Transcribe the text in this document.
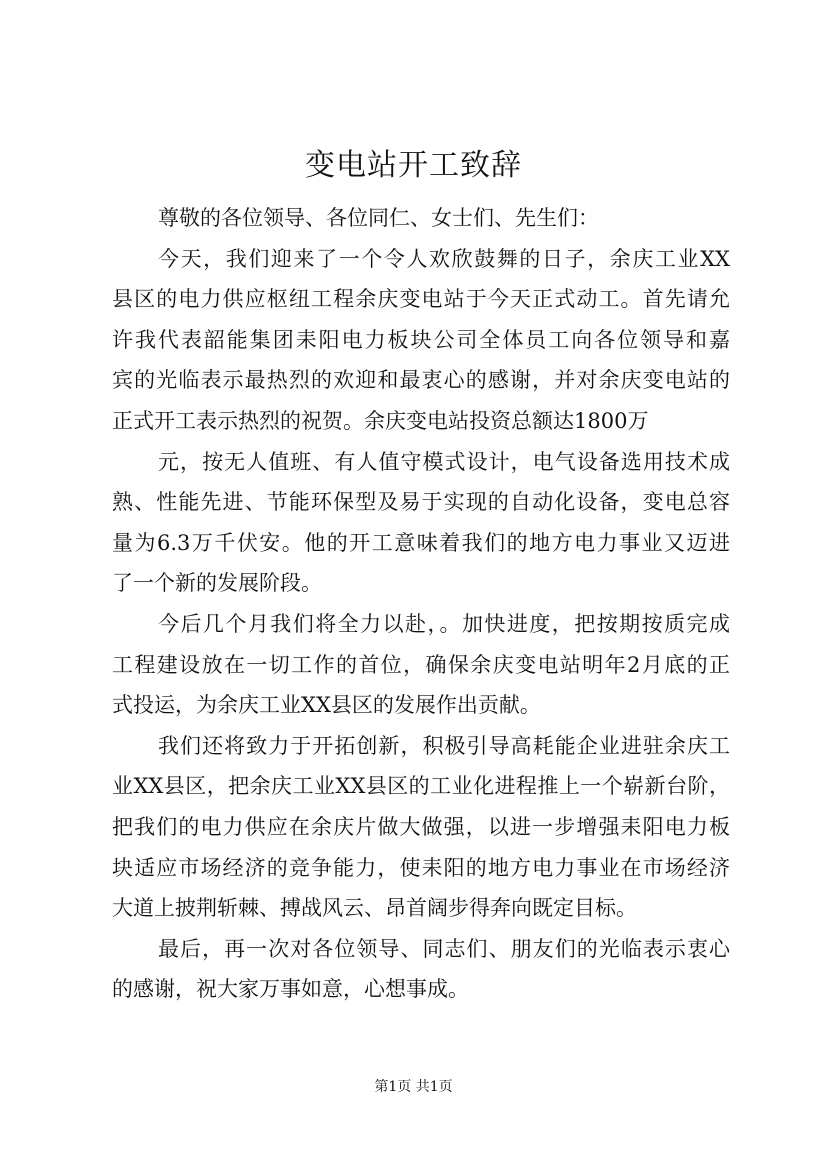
变电站开工致辞
尊敬的各位领导、各位同仁、女士们、先生们：
今天，我们迎来了一个令人欢欣鼓舞的日子，余庆工业XX
县区的电力供应枢纽工程余庆变电站于今天正式动工。首先请允
许我代表韶能集团耒阳电力板块公司全体员工向各位领导和嘉
宾的光临表示最热烈的欢迎和最衷心的感谢，并对余庆变电站的
正式开工表示热烈的祝贺。余庆变电站投资总额达1800万
元，按无人值班、有人值守模式设计，电气设备选用技术成
熟、性能先进、节能环保型及易于实现的自动化设备，变电总容
量为6.3万千伏安。他的开工意味着我们的地方电力事业又迈进
了一个新的发展阶段。
今后几个月我们将全力以赴，。加快进度，把按期按质完成
工程建设放在一切工作的首位，确保余庆变电站明年2月底的正
式投运，为余庆工业XX县区的发展作出贡献。
我们还将致力于开拓创新，积极引导高耗能企业进驻余庆工
业XX县区，把余庆工业XX县区的工业化进程推上一个崭新台阶，
把我们的电力供应在余庆片做大做强，以进一步增强耒阳电力板
块适应市场经济的竞争能力，使耒阳的地方电力事业在市场经济
大道上披荆斩棘、搏战风云、昂首阔步得奔向既定目标。
最后，再一次对各位领导、同志们、朋友们的光临表示衷心
的感谢，祝大家万事如意，心想事成。
第1页 共1页
